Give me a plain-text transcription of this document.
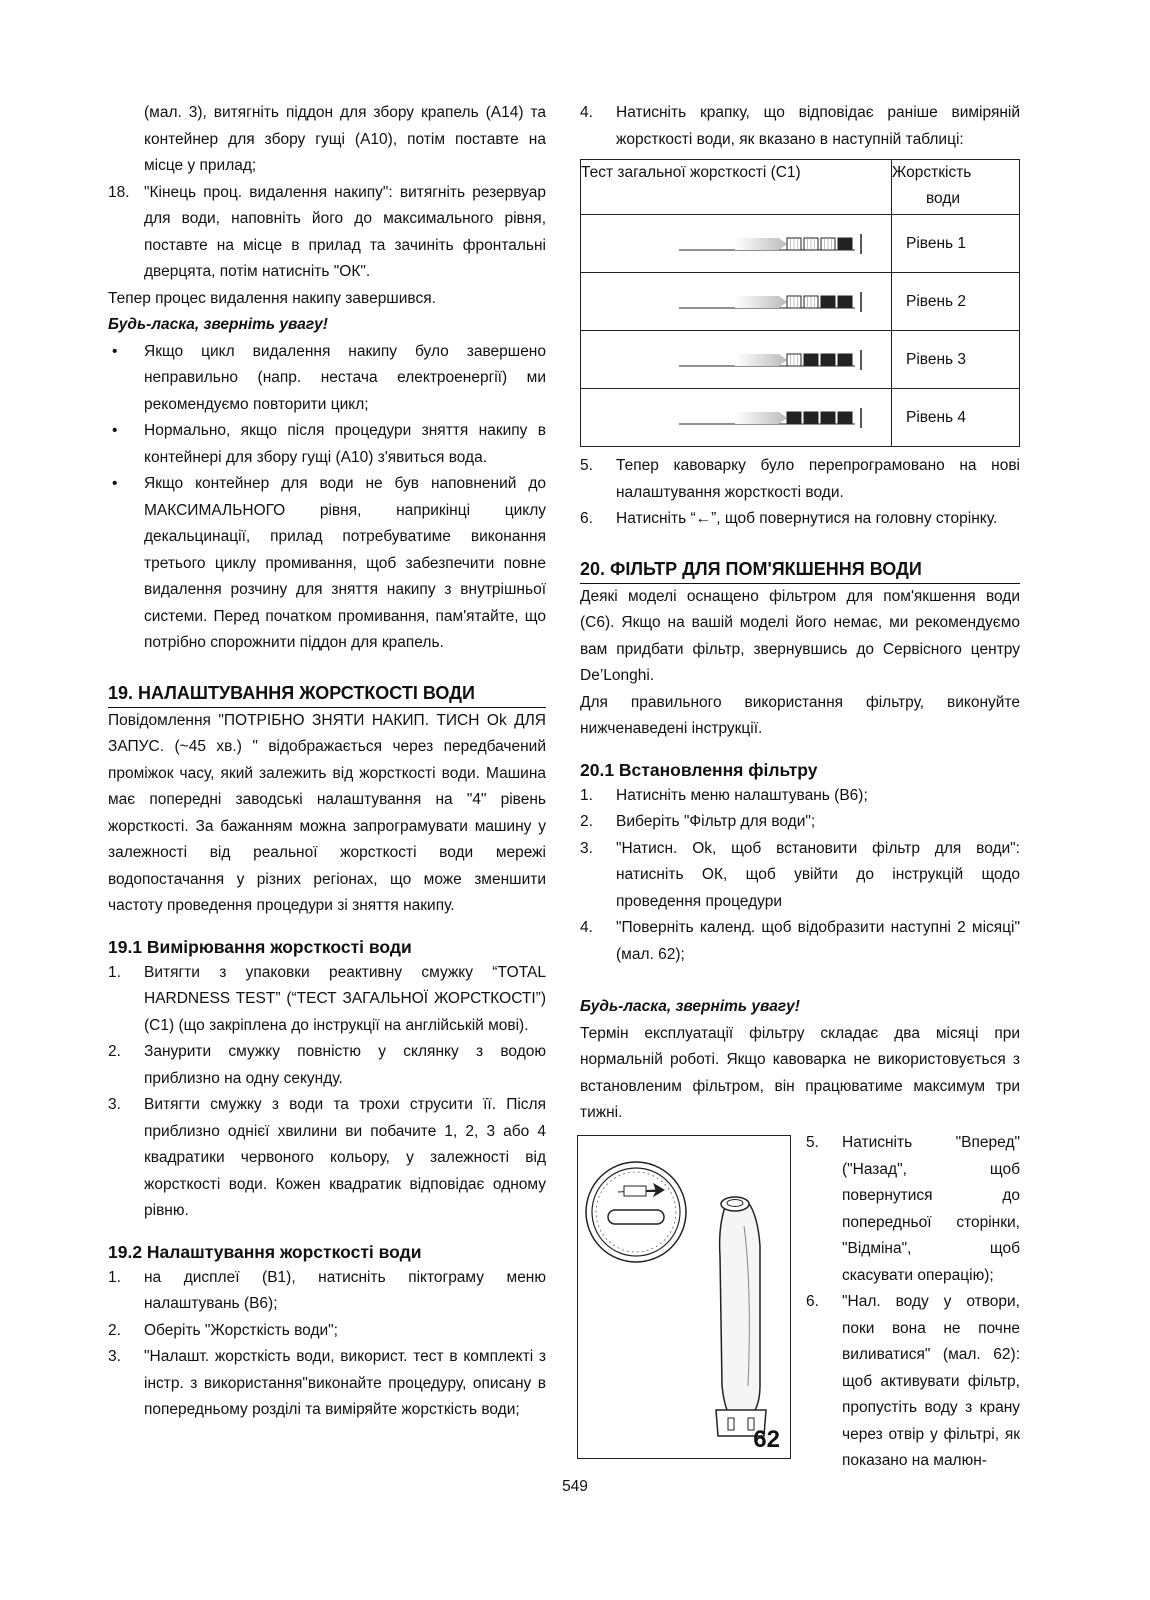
(мал. 3), витягніть піддон для збору крапель (А14) та контейнер для збору гущі (А10), потім поставте на місце у прилад;

18. "Кінець проц. видалення накипу": витягніть резервуар для води, наповніть його до максимального рівня, поставте на місце в прилад та зачиніть фронтальні дверцята, потім натисніть "ОК".

Тепер процес видалення накипу завершився.

Будь-ласка, зверніть увагу!

•	Якщо цикл видалення накипу було завершено неправильно (напр. нестача електроенергії) ми рекомендуємо повторити цикл;
•	Нормально, якщо після процедури зняття накипу в контейнері для збору гущі (А10) з'явиться вода.
•	Якщо контейнер для води не був наповнений до МАКСИМАЛЬНОГО рівня, наприкінці циклу декальцинації, прилад потребуватиме виконання третього циклу промивання, щоб забезпечити повне видалення розчину для зняття накипу з внутрішньої системи. Перед початком промивання, пам'ятайте, що потрібно спорожнити піддон для крапель.
19. НАЛАШТУВАННЯ ЖОРСТКОСТІ ВОДИ

Повідомлення "ПОТРІБНО ЗНЯТИ НАКИП. ТИСН Ok ДЛЯ ЗАПУС. (~45 хв.) " відображається через передбачений проміжок часу, який залежить від жорсткості води. Машина має попередні заводські налаштування на "4" рівень жорсткості. За бажанням можна запрограмувати машину у залежності від реальної жорсткості води мережі водопостачання у різних регіонах, що може зменшити частоту проведення процедури зі зняття накипу.

19.1 Вимірювання жорсткості води
1.	Витягти з упаковки реактивну смужку “TOTAL HARDNESS TEST” (“ТЕСТ ЗАГАЛЬНОЇ ЖОРСТКОСТІ”)(C1) (що закріплена до інструкції на англійській мові).
2.	Занурити смужку повністю у склянку з водою приблизно на одну секунду.
3.	Витягти смужку з води та трохи струсити її. Після приблизно однієї хвилини ви побачите 1, 2, 3 або 4 квадратики червоного кольору, у залежності від жорсткості води. Кожен квадратик відповідає одному рівню.
19.2 Налаштування жорсткості води
1.	на дисплеї (B1), натисніть піктограму меню налаштувань (B6);
2.	Оберіть "Жорсткість води";
3.	"Налашт. жорсткість води, використ. тест в комплекті з інстр. з використання"виконайте процедуру, описану в попередньому розділі та виміряйте жорсткість води;
4.	Натисніть крапку, що відповідає раніше виміряній жорсткості води, як вказано в наступній таблиці:
Тест загальної жорсткості (C1)	Жорсткість
води

	Рівень 1

	Рівень 2

	Рівень 3

	Рівень 4
5.	Тепер кавоварку було перепрограмовано на нові налаштування жорсткості води.
6.	Натисніть “←”, щоб повернутися на головну сторінку.
20. ФІЛЬТР ДЛЯ ПОМ'ЯКШЕННЯ ВОДИ

Деякі моделі оснащено фільтром для пом'якшення води (C6). Якщо на вашій моделі його немає, ми рекомендуємо вам придбати фільтр, звернувшись до Сервісного центру De’Longhi.

Для правильного використання фільтру, виконуйте нижченаведені інструкції.

20.1 Встановлення фільтру
1.	Натисніть меню налаштувань (B6);
2.	Виберіть "Фільтр для води";
3.	"Натисн. Ok, щоб встановити фільтр для води": натисніть ОК, щоб увійти до інструкцій щодо проведення процедури
4.	"Поверніть календ. щоб відобразити наступні 2 місяці" (мал. 62);

Будь-ласка, зверніть увагу!

Термін експлуатації фільтру складає два місяці при нормальній роботі. Якщо кавоварка не використовується з встановленим фільтром, він працюватиме максимум три тижні.

62
5.	Натисніть "Вперед" ("Назад", щоб повернутися до попередньої сторінки, "Відміна", щоб скасувати операцію);
6.	"Нал. воду у отвори, поки вона не почне виливатися" (мал. 62): щоб активувати фільтр, пропустіть воду з крану через отвір у фільтрі, як показано на малюн-
549
